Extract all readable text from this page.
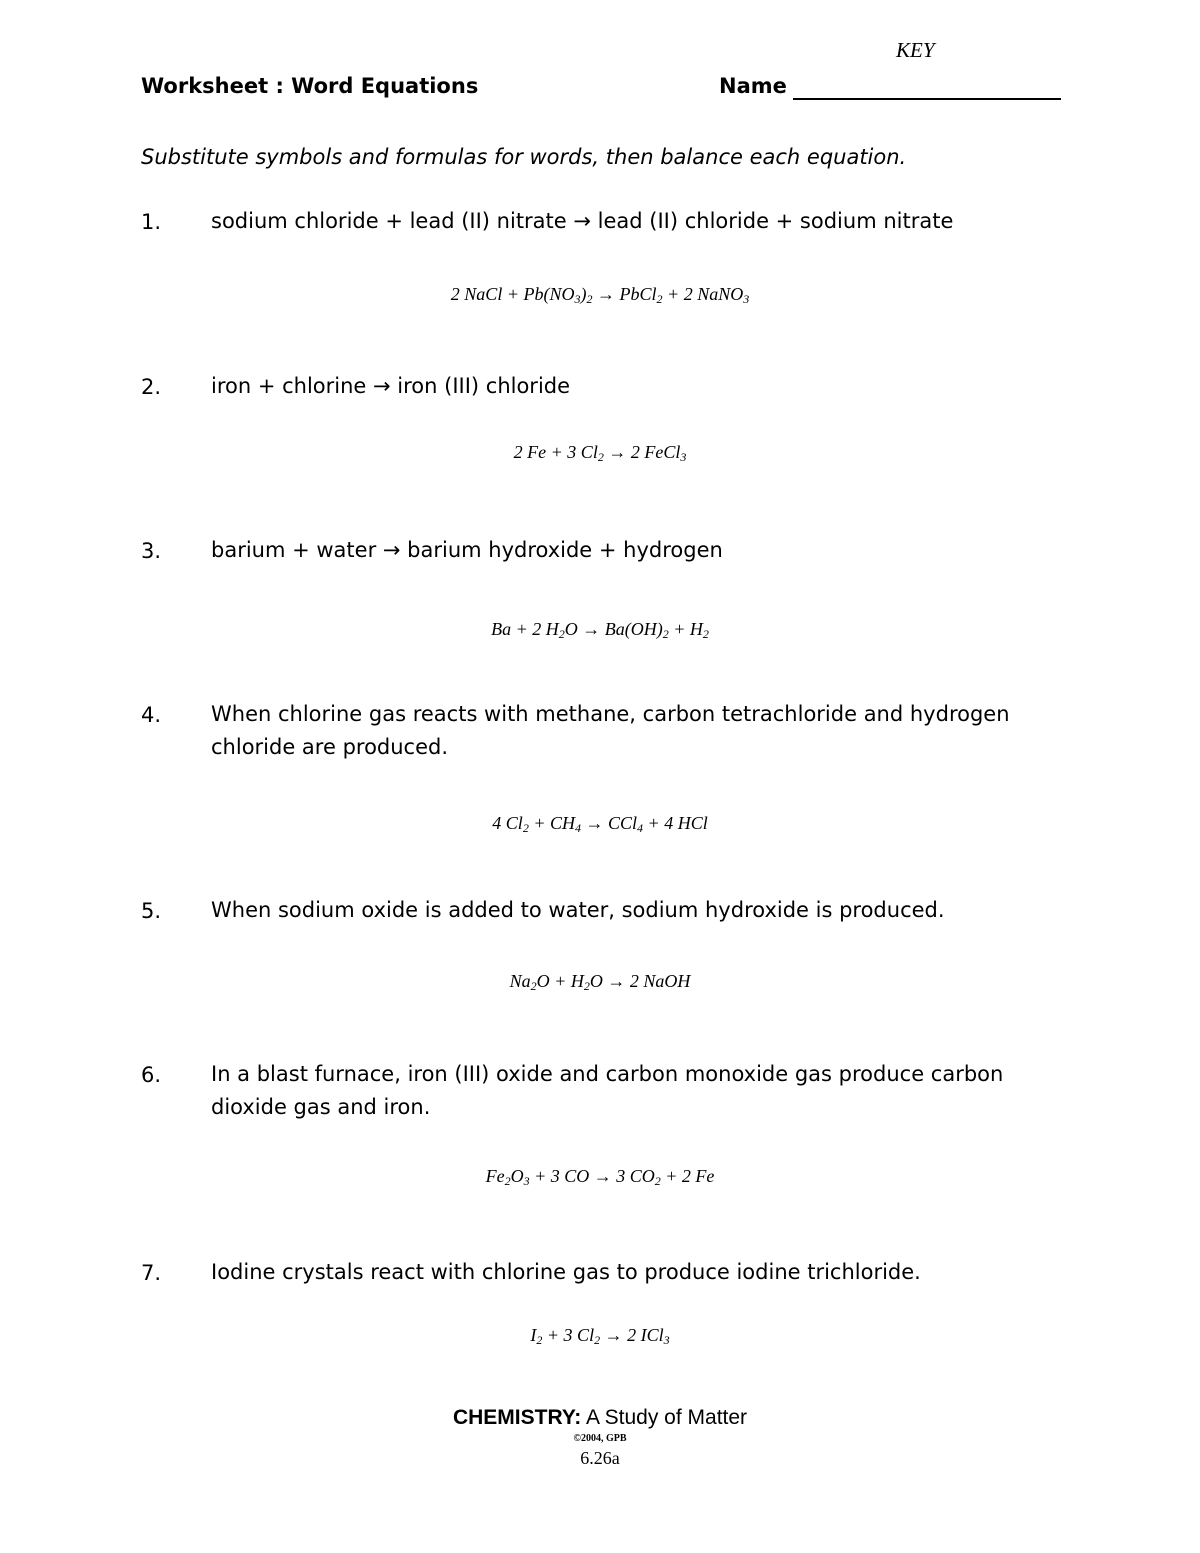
KEY
Worksheet : Word Equations	Name
Substitute symbols and formulas for words, then balance each equation.
1. sodium chloride + lead (II) nitrate → lead (II) chloride + sodium nitrate
2 NaCl + $Pb(NO_3)_2$ → PbCl$_2$ + 2 NaNO$_3$
2. iron + chlorine → iron (III) chloride
2 Fe + 3 $Cl_2 \to 2$ FeCl$_3$
3. barium + water → barium hydroxide + hydrogen
Ba + 2 $H_2O \to Ba(OH)_2 + H_2$
4. When chlorine gas reacts with methane, carbon tetrachloride and hydrogen chloride are produced.
4 $Cl_2 + CH_4 \to CCl_4 + 4$ HCl
5. When sodium oxide is added to water, sodium hydroxide is produced.
$Na_2O + H_2O \to 2$ NaOH
6. In a blast furnace, iron (III) oxide and carbon monoxide gas produce carbon dioxide gas and iron.
$Fe_2O_3 + 3$ CO → 3 $CO_2 + 2$ Fe
7. Iodine crystals react with chlorine gas to produce iodine trichloride.
$I_2 + 3$ $Cl_2 \to 2$ ICl$_3$
CHEMISTRY: A Study of Matter
©2004, GPB
6.26a
